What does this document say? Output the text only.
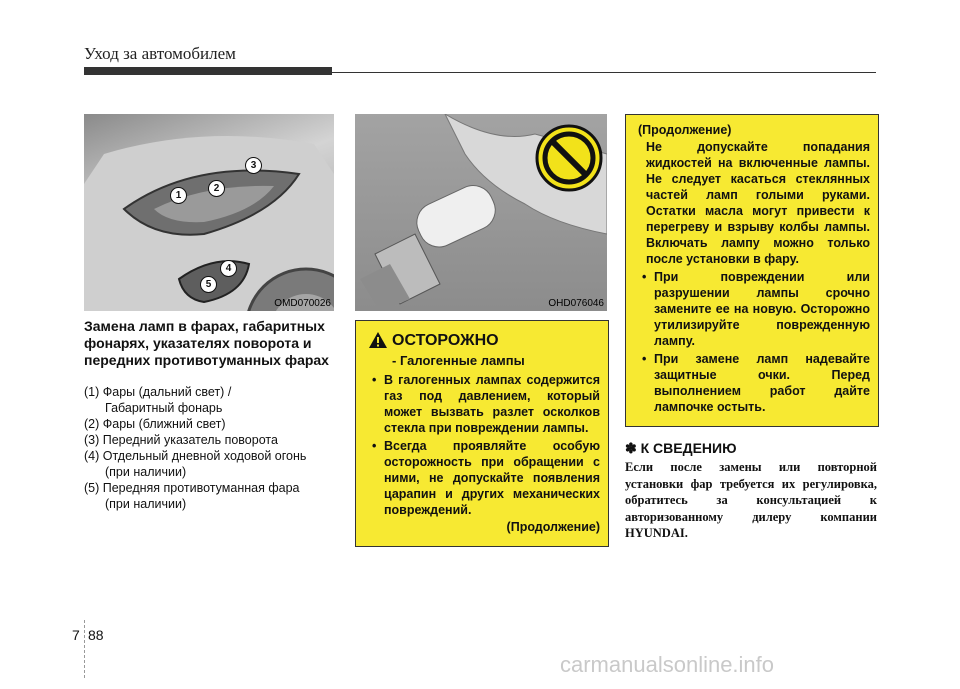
Уход за автомобилем
1
2
3
4
5
OMD070026	OHD076046
Замена ламп в фарах, габаритных фонарях, указателях поворота и передних противотуманных фарах
(1) Фары (дальний свет) /
Габаритный фонарь
(2) Фары (ближний свет)
(3) Передний указатель поворота
(4) Отдельный дневной ходовой огонь
(при наличии)
(5) Передняя противотуманная фара
(при наличии)
ОСТОРОЖНО
- Галогенные лампы
• В галогенных лампах содержится газ под давлением, который может вызвать разлет осколков стекла при повреждении лампы.
• Всегда проявляйте особую осторожность при обращении с ними, не допускайте появления царапин и других механических повреждений.
(Продолжение)
(Продолжение)
Не допускайте попадания жидкостей на включенные лампы. Не следует касаться стеклянных частей ламп голыми руками. Остатки масла могут привести к перегреву и взрыву колбы лампы. Включать лампу можно только после установки в фару.
• При повреждении или разрушении лампы срочно замените ее на новую. Осторожно утилизируйте поврежденную лампу.
• При замене ламп надевайте защитные очки. Перед выполнением работ дайте лампочке остыть.
✽ К СВЕДЕНИЮ
Если после замены или повторной установки фар требуется их регулировка, обратитесь за консультацией к авторизованному дилеру компании HYUNDAI.
7 88
carmanualsonline.info
